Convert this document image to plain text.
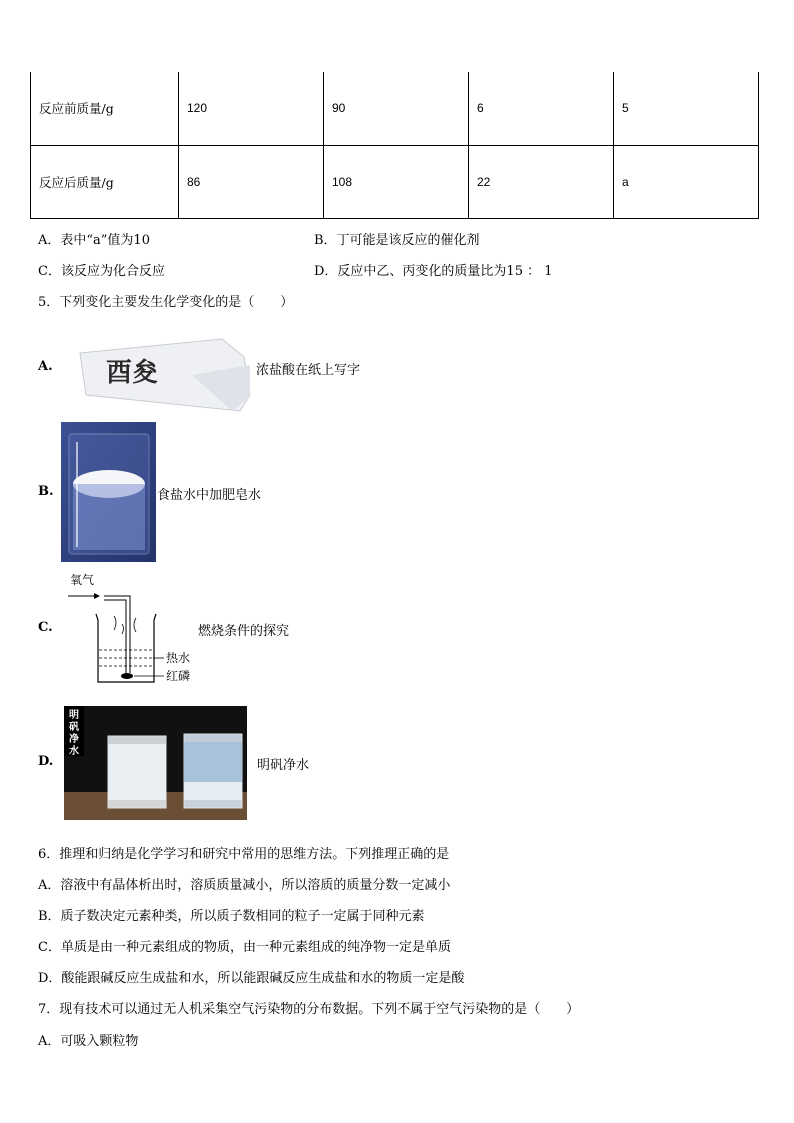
反应前质量/g	120	90	6	5
反应后质量/g	86	108	22	a
A．表中“a”值为10	B．丁可能是该反应的催化剂
C．该反应为化合反应	D．反应中乙、丙变化的质量比为15 ： 1
5．下列变化主要发生化学变化的是（　　）
A. 酉夋	浓盐酸在纸上写字
B.	食盐水中加肥皂水
C.
氧气
热水
红磷
燃烧条件的探究
D.
明矾净水
明矾净水
6．推理和归纳是化学学习和研究中常用的思维方法。下列推理正确的是
A．溶液中有晶体析出时，溶质质量减小，所以溶质的质量分数一定减小
B．质子数决定元素种类，所以质子数相同的粒子一定属于同种元素
C．单质是由一种元素组成的物质，由一种元素组成的纯净物一定是单质
D．酸能跟碱反应生成盐和水，所以能跟碱反应生成盐和水的物质一定是酸
7．现有技术可以通过无人机采集空气污染物的分布数据。下列不属于空气污染物的是（　　）
A．可吸入颗粒物
